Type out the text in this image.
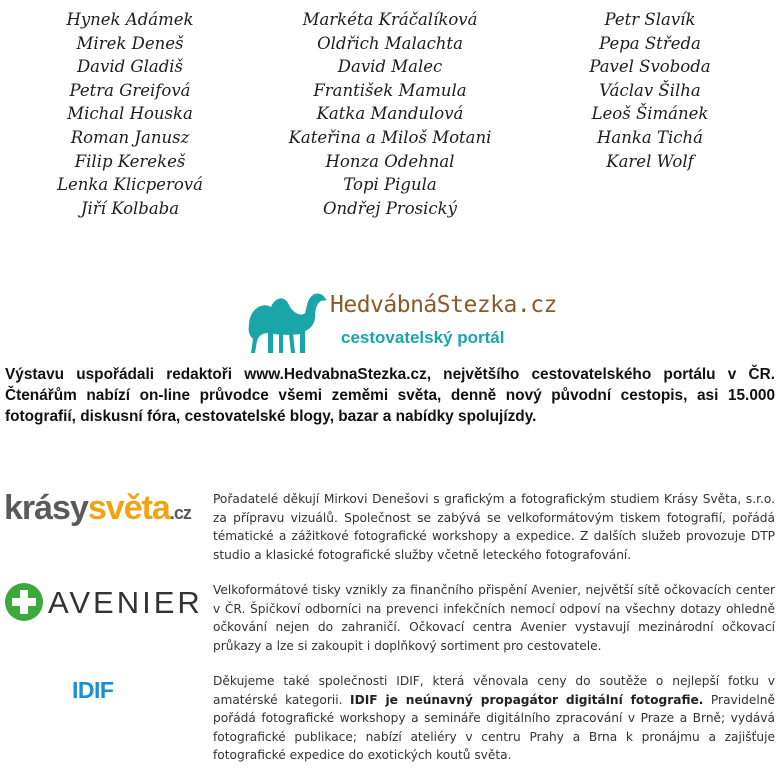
Hynek Adámek
Mirek Deneš
David Gladiš
Petra Greifová
Michal Houska
Roman Janusz
Filip Kerekeš
Lenka Klicperová
Jiří Kolbaba
Markéta Kráčalíková
Oldřich Malachta
David Malec
František Mamula
Katka Mandulová
Kateřina a Miloš Motani
Honza Odehnal
Topi Pigula
Ondřej Prosický
Petr Slavík
Pepa Středa
Pavel Svoboda
Václav Šilha
Leoš Šimánek
Hanka Tichá
Karel Wolf
HedvábnáStezka.cz
cestovatelský portál
Výstavu uspořádali redaktoři www.HedvabnaStezka.cz, největšího cestovatelského portálu v ČR. Čtenářům nabízí on-line průvodce všemi zeměmi světa, denně nový původní cestopis, asi 15.000 fotografií, diskusní fóra, cestovatelské blogy, bazar a nabídky spolujízdy.
krásysvěta.cz
Pořadatelé děkují Mirkovi Denešovi s grafickým a fotografickým studiem Krásy Světa, s.r.o. za přípravu vizuálů. Společnost se zabývá se velkoformátovým tiskem fotografií, pořádá tématické a zážitkové fotografické workshopy a expedice. Z dalších služeb provozuje DTP studio a klasické fotografické služby včetně leteckého fotografování.
AVENIER Velkoformátové tisky vznikly za finančního přispění Avenier, největší sítě očkovacích center v ČR. Špičkoví odborníci na prevenci infekčních nemocí odpoví na všechny dotazy ohledně očkování nejen do zahraničí. Očkovací centra Avenier vystavují mezinárodní očkovací průkazy a lze si zakoupit i doplňkový sortiment pro cestovatele.
IDIF	Děkujeme také společnosti IDIF, která věnovala ceny do soutěže o nejlepší fotku v amatérské kategorii. IDIF je neúnavný propagátor digitální fotografie. Pravidelně pořádá fotografické workshopy a semináře digitálního zpracování v Praze a Brně; vydává fotografické publikace; nabízí ateliéry v centru Prahy a Brna k pronájmu a zajišťuje fotografické expedice do exotických koutů světa.
